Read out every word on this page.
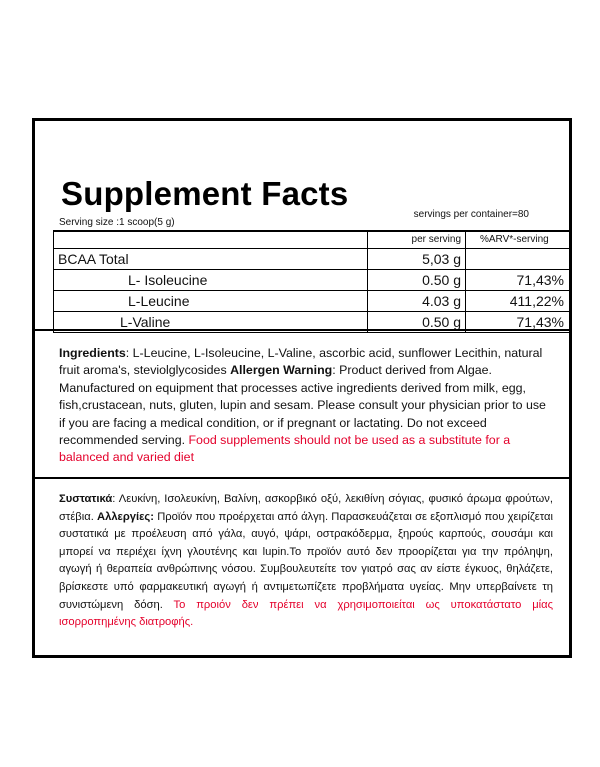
Supplement Facts
Serving size :1 scoop(5 g)
servings per container=80
	per serving	%ARV*-serving
BCAA Total	5,03 g	
L- Isoleucine	0.50 g	71,43%
L-Leucine	4.03 g	411,22%
L-Valine	0.50 g	71,43%
Ingredients: L-Leucine, L-Isoleucine, L-Valine, ascorbic acid, sunflower Lecithin, natural fruit aroma's, steviolglycosides Allergen Warning: Product derived from Algae. Manufactured on equipment that processes active ingredients derived from milk, egg, fish,crustacean, nuts, gluten, lupin and sesam. Please consult your physician prior to use if you are facing a medical condition, or if pregnant or lactating. Do not exceed recommended serving. Food supplements should not be used as a substitute for a balanced and varied diet
Συστατικά: Λευκίνη, Ισολευκίνη, Βαλίνη, ασκορβικό οξύ, λεκιθίνη σόγιας, φυσικό άρωμα φρούτων, στέβια. Αλλεργίες: Προϊόν που προέρχεται από άλγη. Παρασκευάζεται σε εξοπλισμό που χειρίζεται συστατικά με προέλευση από γάλα, αυγό, ψάρι, οστρακόδερμα, ξηρούς καρπούς, σουσάμι και μπορεί να περιέχει ίχνη γλουτένης και lupin.Το προϊόν αυτό δεν προορίζεται για την πρόληψη, αγωγή ή θεραπεία ανθρώπινης νόσου. Συμβουλευτείτε τον γιατρό σας αν είστε έγκυος, θηλάζετε, βρίσκεστε υπό φαρμακευτική αγωγή ή αντιμετωπίζετε προβλήματα υγείας. Μην υπερβαίνετε τη συνιστώμενη δόση. Το προιόν δεν πρέπει να χρησιμοποιείται ως υποκατάστατο μίας ισορροπημένης διατροφής.
